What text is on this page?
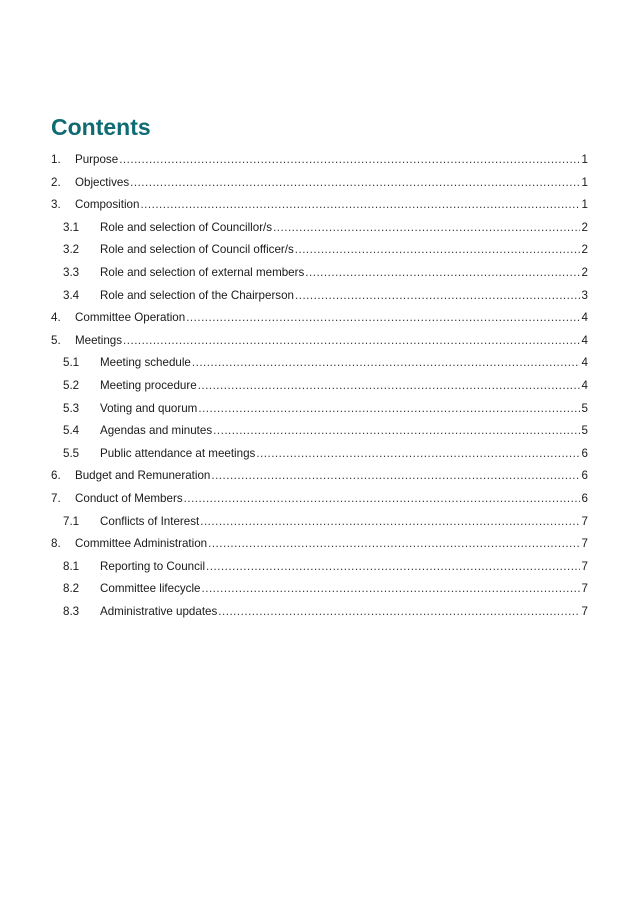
Contents
1.	Purpose .....	1
2.	Objectives .....	1
3.	Composition .....	1
3.1	Role and selection of Councillor/s .....	2
3.2	Role and selection of Council officer/s .....	2
3.3	Role and selection of external members .....	2
3.4	Role and selection of the Chairperson .....	3
4.	Committee Operation .....	4
5.	Meetings .....	4
5.1	Meeting schedule .....	4
5.2	Meeting procedure .....	4
5.3	Voting and quorum .....	5
5.4	Agendas and minutes .....	5
5.5	Public attendance at meetings .....	6
6.	Budget and Remuneration .....	6
7.	Conduct of Members .....	6
7.1	Conflicts of Interest .....	7
8.	Committee Administration .....	7
8.1	Reporting to Council .....	7
8.2	Committee lifecycle .....	7
8.3	Administrative updates .....	7
